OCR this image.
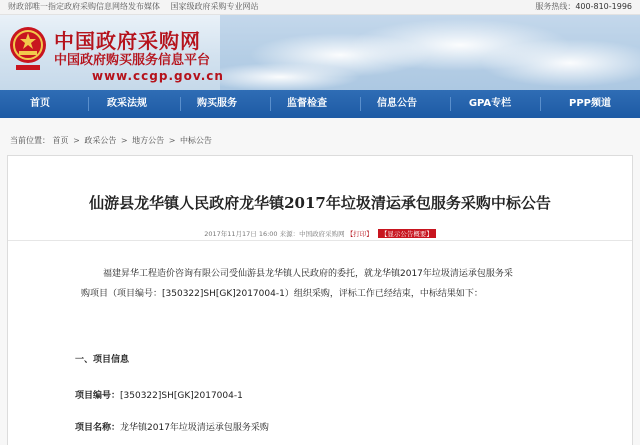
财政部唯一指定政府采购信息网络发布媒体 国家级政府采购专业网站	服务热线：400-810-1996
中国政府采购网
中国政府购买服务信息平台
www.ccgp.gov.cn
首页	政采法规	购买服务	监督检查	信息公告	GPA专栏	PPP频道
当前位置： 首页 > 政采公告 > 地方公告 > 中标公告
仙游县龙华镇人民政府龙华镇2017年垃圾清运承包服务采购中标公告
2017年11月17日 16:00 来源：中国政府采购网 【打印】 【显示公告概要】
福建昇华工程造价咨询有限公司受仙游县龙华镇人民政府的委托，就龙华镇2017年垃圾清运承包服务采
购项目（项目编号：[350322]SH[GK]2017004-1）组织采购，评标工作已经结束，中标结果如下：
一、项目信息
项目编号：[350322]SH[GK]2017004-1
项目名称：龙华镇2017年垃圾清运承包服务采购
